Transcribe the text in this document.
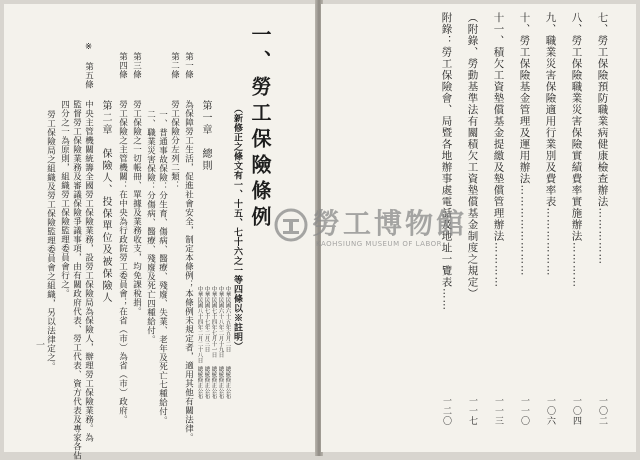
一、勞工保險條例
（新修正之條文有一、十五、七十六之一等四條以※註明）
中華民國六十五年五月二日
中華民國六十八年二月十九日
中華民國七十四年七月十一日
中華民國七十七年二月三日
中華民國八十四年二月二十八日
總統修正公布
總統修正公布
總統修正公布
總統修正公布
總統修正公布
第一章　總則
第一條
為保障勞工生活，促進社會安全，制定本條例；本條例未規定者，適用其他有關法律。
第二條
勞工保險分左列二類：
一、普通事故保險：分生育、傷病、醫療、殘廢、失業、老年及死亡七種給付。
二、職業災害保險：分傷病、醫療、殘廢及死亡四種給付。
第三條
勞工保險之一切帳冊、單據及業務收支，均免課稅捐。
第四條
勞工保險之主管機關：在中央為行政院勞工委員會；在省（市）為省（市）政府。
第二章　保險人、投保單位及被保險人
※
第五條
中央主管機關統籌全國勞工保險業務，設勞工保險局為保險人，辦理勞工保險業務。為
監督勞工保險業務及審議保險爭議事項，由有關政府代表、勞工代表、資方代表及專家各佔
四分之一為原則，組織勞工保險監理委員會行之。
勞工保險局之組織及勞工保險監理委員會之組織，另以法律定之。
一
七、勞工保險預防職業病健康檢查辦法……………
一〇二
八、勞工保險職業災害保險實績費率實施辦法…………
一〇四
九、職業災害保險適用行業別及費率表………………
一〇六
十、勞工保險基金管理及運用辦法……………………
一一〇
十一、積欠工資墊償基金提繳及墊償管理辦法…………
一一三
（附錄、勞動基準法有關積欠工資墊償基金制度之規定）
一一七
附錄：勞工保險會、局暨各地辦事處電話及地址一覽表……
一二〇
勞工博物館
KAOHSIUNG MUSEUM OF LABOR
